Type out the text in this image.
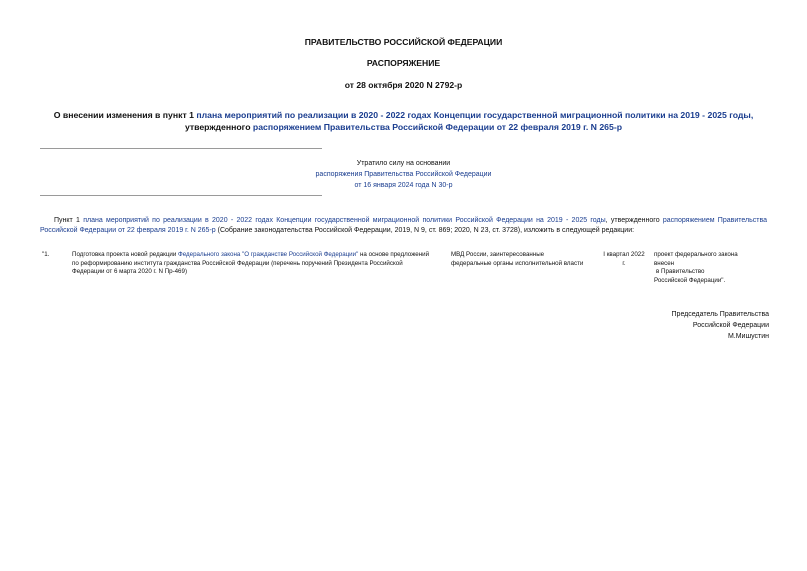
ПРАВИТЕЛЬСТВО РОССИЙСКОЙ ФЕДЕРАЦИИ
РАСПОРЯЖЕНИЕ
от 28 октября 2020 N 2792-р
О внесении изменения в пункт 1 плана мероприятий по реализации в 2020 - 2022 годах Концепции государственной миграционной политики на 2019 - 2025 годы,
утвержденного распоряжением Правительства Российской Федерации от 22 февраля 2019 г. N 265-р
Утратило силу на основании
распоряжения Правительства Российской Федерации
от 16 января 2024 года N 30-р
Пункт 1 плана мероприятий по реализации в 2020 - 2022 годах Концепции государственной миграционной политики Российской Федерации на 2019 - 2025 годы, утвержденного распоряжением Правительства Российской Федерации от 22 февраля 2019 г. N 265-р (Собрание законодательства Российской Федерации, 2019, N 9, ст. 869; 2020, N 23, ст. 3728), изложить в следующей редакции:
"1.	Подготовка проекта новой редакции Федерального закона "О гражданстве Российской Федерации" на основе предложений по реформированию института гражданства Российской Федерации (перечень поручений Президента Российской Федерации от 6 марта 2020 г. N Пр-469)
МВД России, заинтересованные
федеральные органы исполнительной власти
I квартал 2022
г.
проект федерального закона
внесен
в Правительство
Российской Федерации".
Председатель Правительства
Российской Федерации
М.Мишустин
